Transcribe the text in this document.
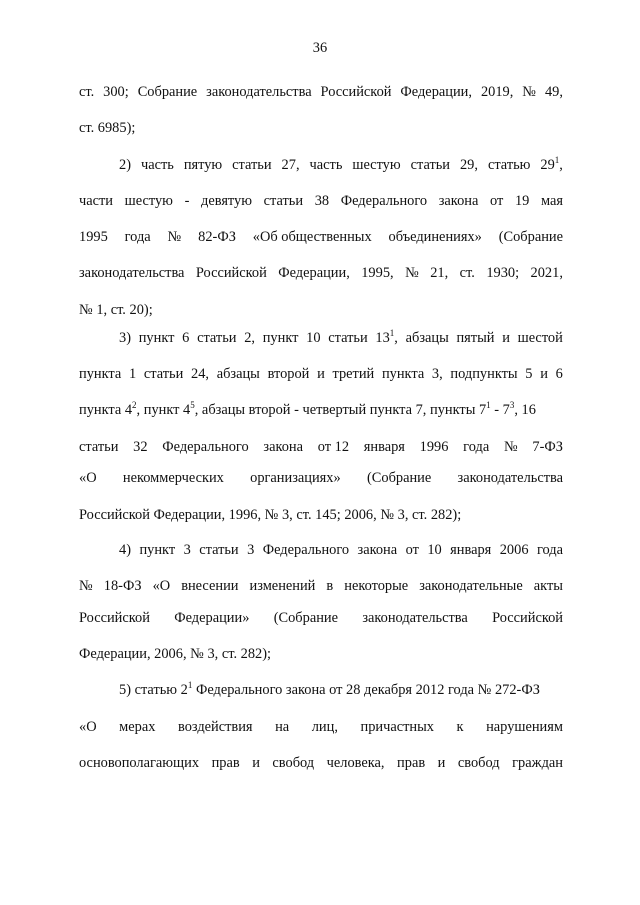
36
ст. 300; Собрание законодательства Российской Федерации, 2019, № 49,
ст. 6985);
2) часть пятую статьи 27, часть шестую статьи 29, статью $29^1$,
части шестую - девятую статьи 38 Федерального закона от 19 мая
1995 года № 82-ФЗ «Об общественных объединениях» (Собрание
законодательства Российской Федерации, 1995, № 21, ст. 1930; 2021,
№ 1, ст. 20);
3) пункт 6 статьи 2, пункт 10 статьи $13^1$, абзацы пятый и шестой
пункта 1 статьи 24, абзацы второй и третий пункта 3, подпункты 5 и 6
пункта $4^2$, пункт $4^5$, абзацы второй - четвертый пункта 7, пункты $7^1 - 7^3$, 16
статьи 32 Федерального закона от 12 января 1996 года № 7-ФЗ
«О некоммерческих организациях» (Собрание законодательства
Российской Федерации, 1996, № 3, ст. 145; 2006, № 3, ст. 282);
4) пункт 3 статьи 3 Федерального закона от 10 января 2006 года
№ 18-ФЗ «О внесении изменений в некоторые законодательные акты
Российской Федерации» (Собрание законодательства Российской
Федерации, 2006, № 3, ст. 282);
5) статью $2^1$ Федерального закона от 28 декабря 2012 года № 272-ФЗ
«О мерах воздействия на лиц, причастных к нарушениям
основополагающих прав и свобод человека, прав и свобод граждан
